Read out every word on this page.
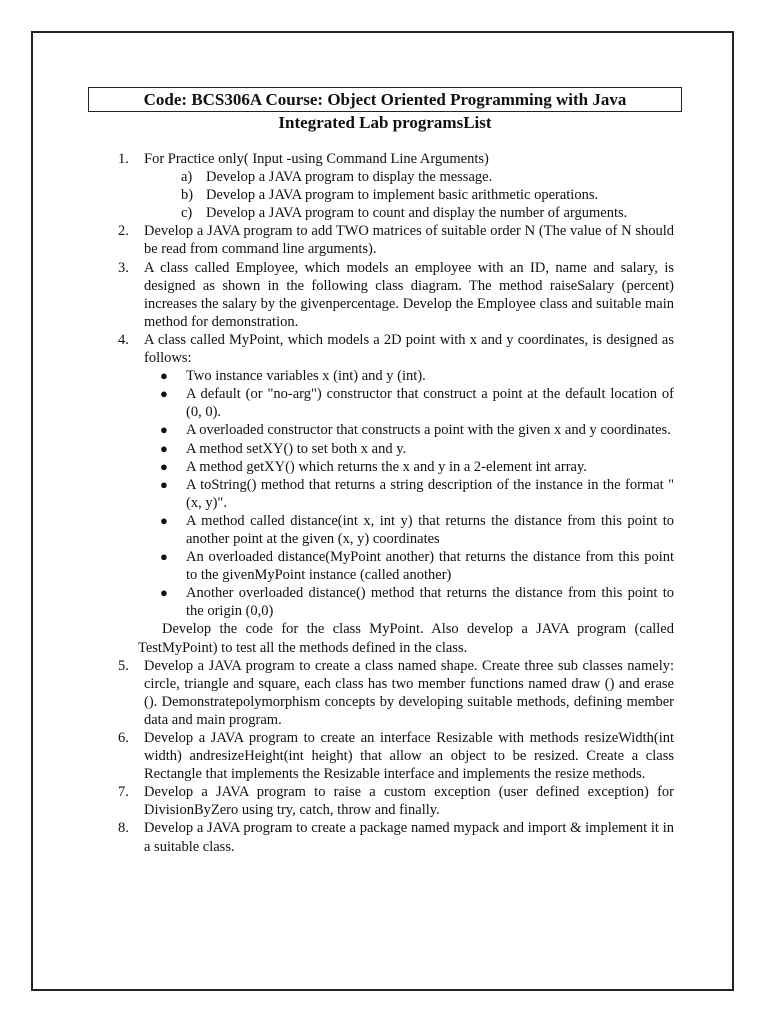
Code: BCS306A Course: Object Oriented Programming with Java
Integrated Lab programsList
1. For Practice only( Input -using Command Line Arguments)
a) Develop a JAVA program to display the message.
b) Develop a JAVA program to implement basic arithmetic operations.
c) Develop a JAVA program to count and display the number of arguments.
2. Develop a JAVA program to add TWO matrices of suitable order N (The value of N should be read from command line arguments).
3. A class called Employee, which models an employee with an ID, name and salary, is designed as shown in the following class diagram. The method raiseSalary (percent) increases the salary by the givenpercentage. Develop the Employee class and suitable main method for demonstration.
4. A class called MyPoint, which models a 2D point with x and y coordinates, is designed as follows:
● Two instance variables x (int) and y (int).
● A default (or "no-arg") constructor that construct a point at the default location of (0, 0).
● A overloaded constructor that constructs a point with the given x and y coordinates.
● A method setXY() to set both x and y.
● A method getXY() which returns the x and y in a 2-element int array.
● A toString() method that returns a string description of the instance in the format "(x, y)".
● A method called distance(int x, int y) that returns the distance from this point to another point at the given (x, y) coordinates
● An overloaded distance(MyPoint another) that returns the distance from this point to the givenMyPoint instance (called another)
● Another overloaded distance() method that returns the distance from this point to the origin (0,0)
Develop the code for the class MyPoint. Also develop a JAVA program (called TestMyPoint) to test all the methods defined in the class.
5. Develop a JAVA program to create a class named shape. Create three sub classes namely: circle, triangle and square, each class has two member functions named draw () and erase (). Demonstratepolymorphism concepts by developing suitable methods, defining member data and main program.
6. Develop a JAVA program to create an interface Resizable with methods resizeWidth(int width) andresizeHeight(int height) that allow an object to be resized. Create a class Rectangle that implements the Resizable interface and implements the resize methods.
7. Develop a JAVA program to raise a custom exception (user defined exception) for DivisionByZero using try, catch, throw and finally.
8. Develop a JAVA program to create a package named mypack and import & implement it in a suitable class.
